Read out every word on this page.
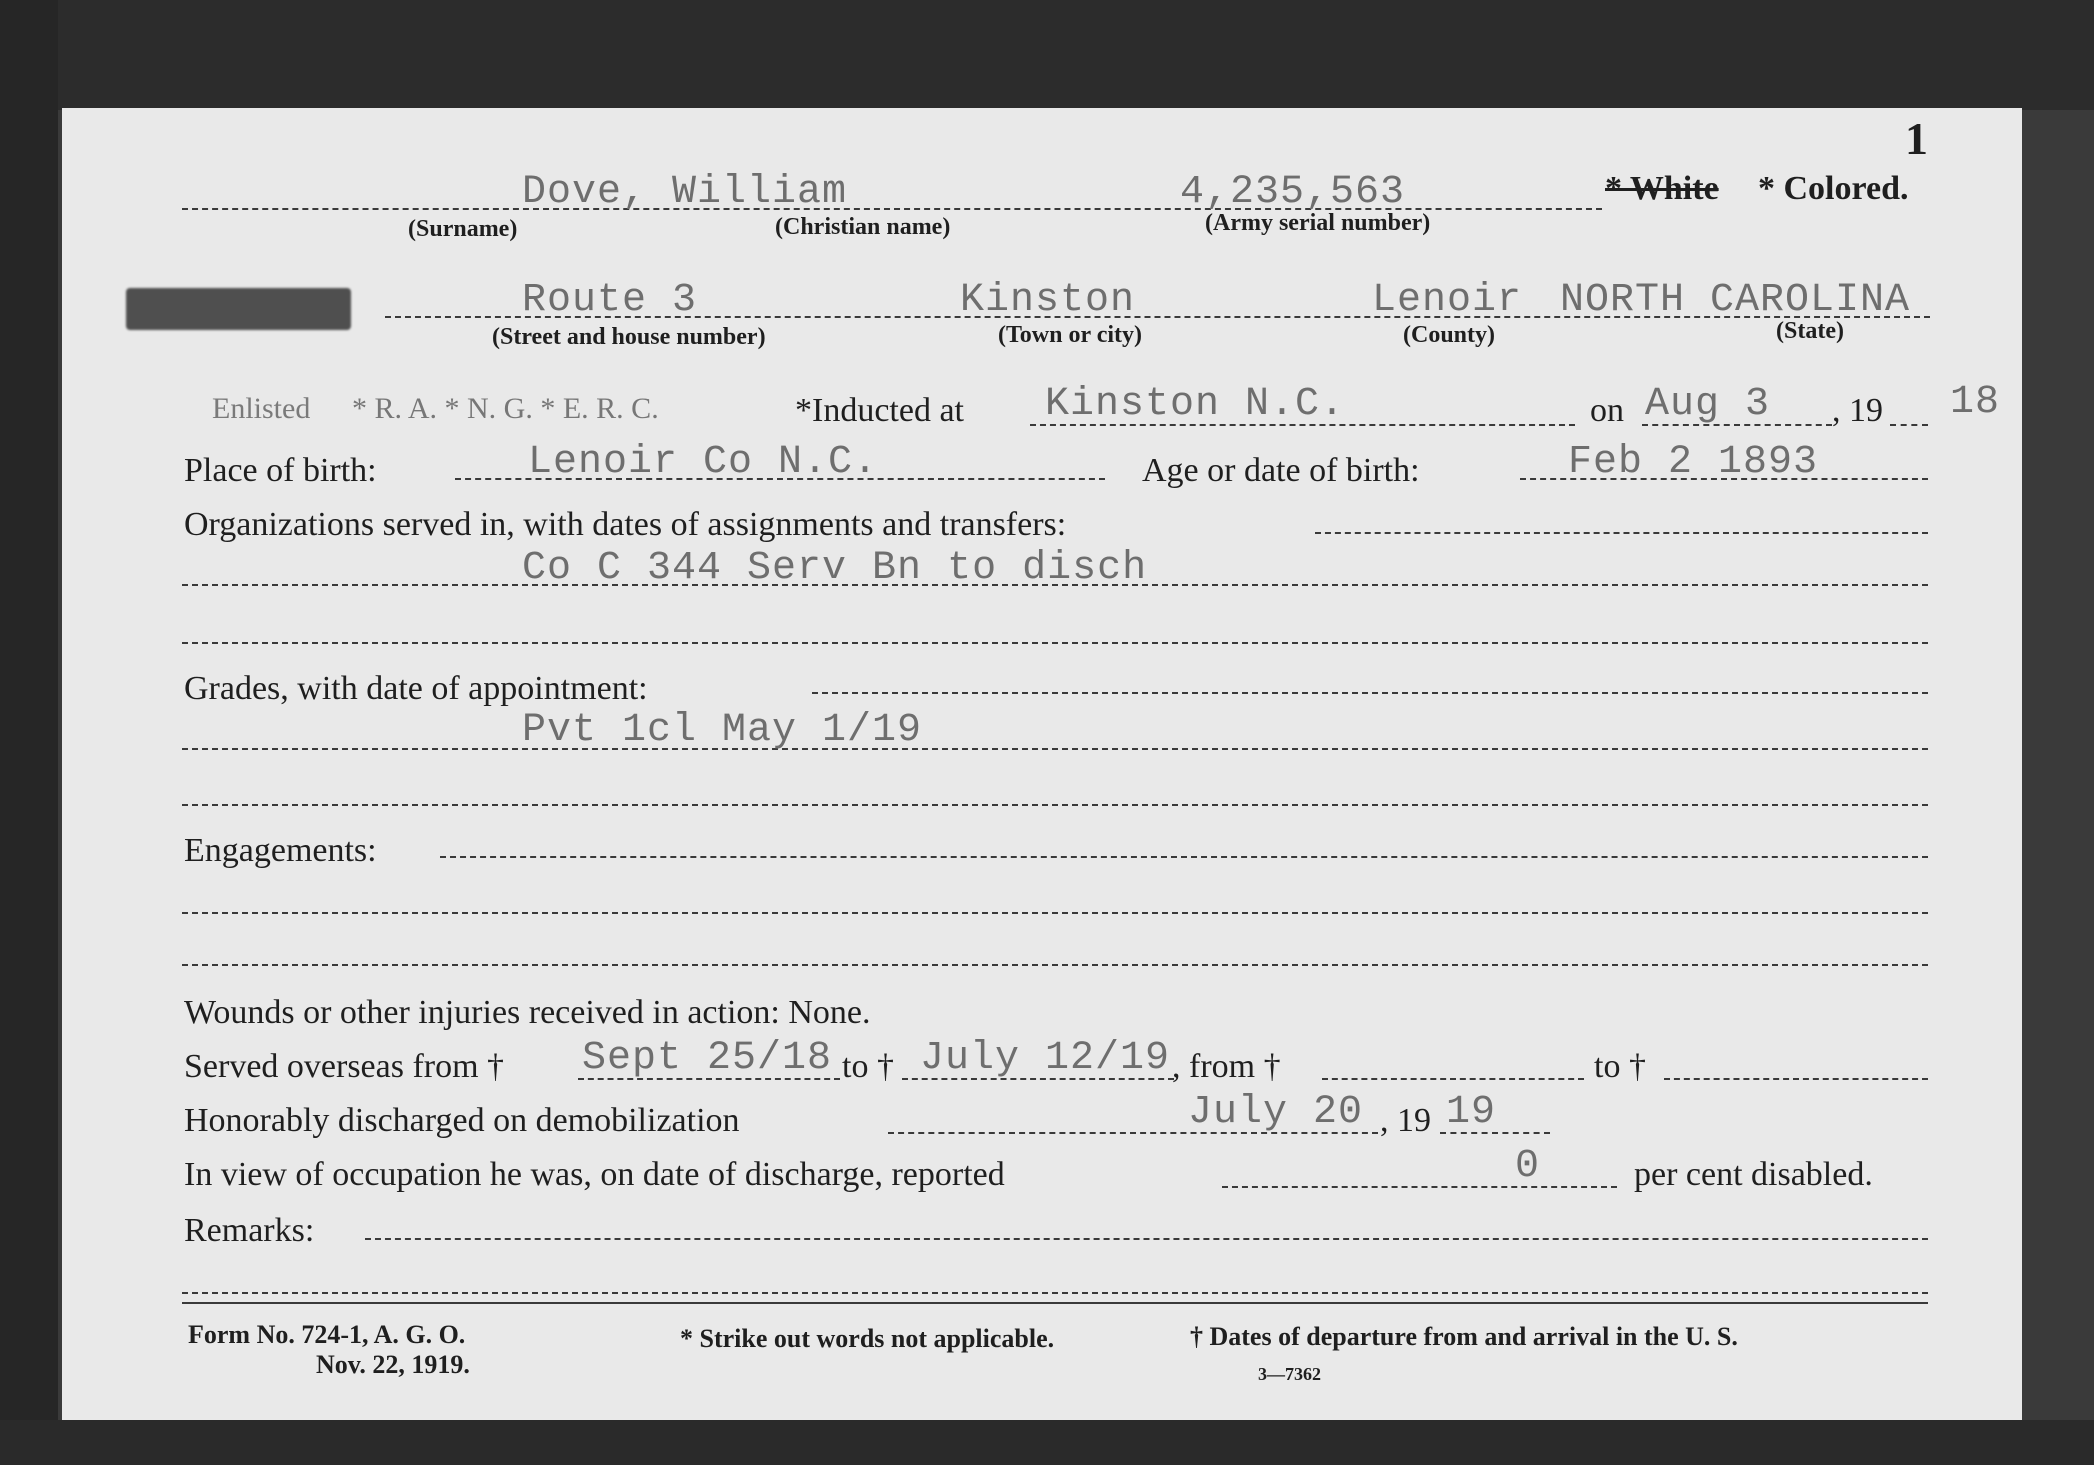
1
Dove, William	4,235,563	* White * Colored.
(Surname)	(Christian name)	(Army serial number)
Route 3	Kinston	Lenoir NORTH CAROLINA
(Street and house number)	(Town or city)	(County)	(State)
Enlisted * R. A. * N. G. * E. R. C.	*Inducted at Kinston N.C.	on Aug 3 , 19 18
Place of birth:	Lenoir Co N.C.	Age or date of birth:	Feb 2 1893
Organizations served in, with dates of assignments and transfers:
Co C 344 Serv Bn to disch
Grades, with date of appointment:
Pvt 1cl May 1/19
Engagements:
Wounds or other injuries received in action: None.
Served overseas from † Sept 25/18 to † July 12/19 , from †	to †
Honorably discharged on demobilization	July 20 , 19 19
In view of occupation he was, on date of discharge, reported	0	per cent disabled.
Remarks:
Form No. 724-1, A. G. O.
Nov. 22, 1919.
* Strike out words not applicable.	† Dates of departure from and arrival in the U. S.
3—7362
